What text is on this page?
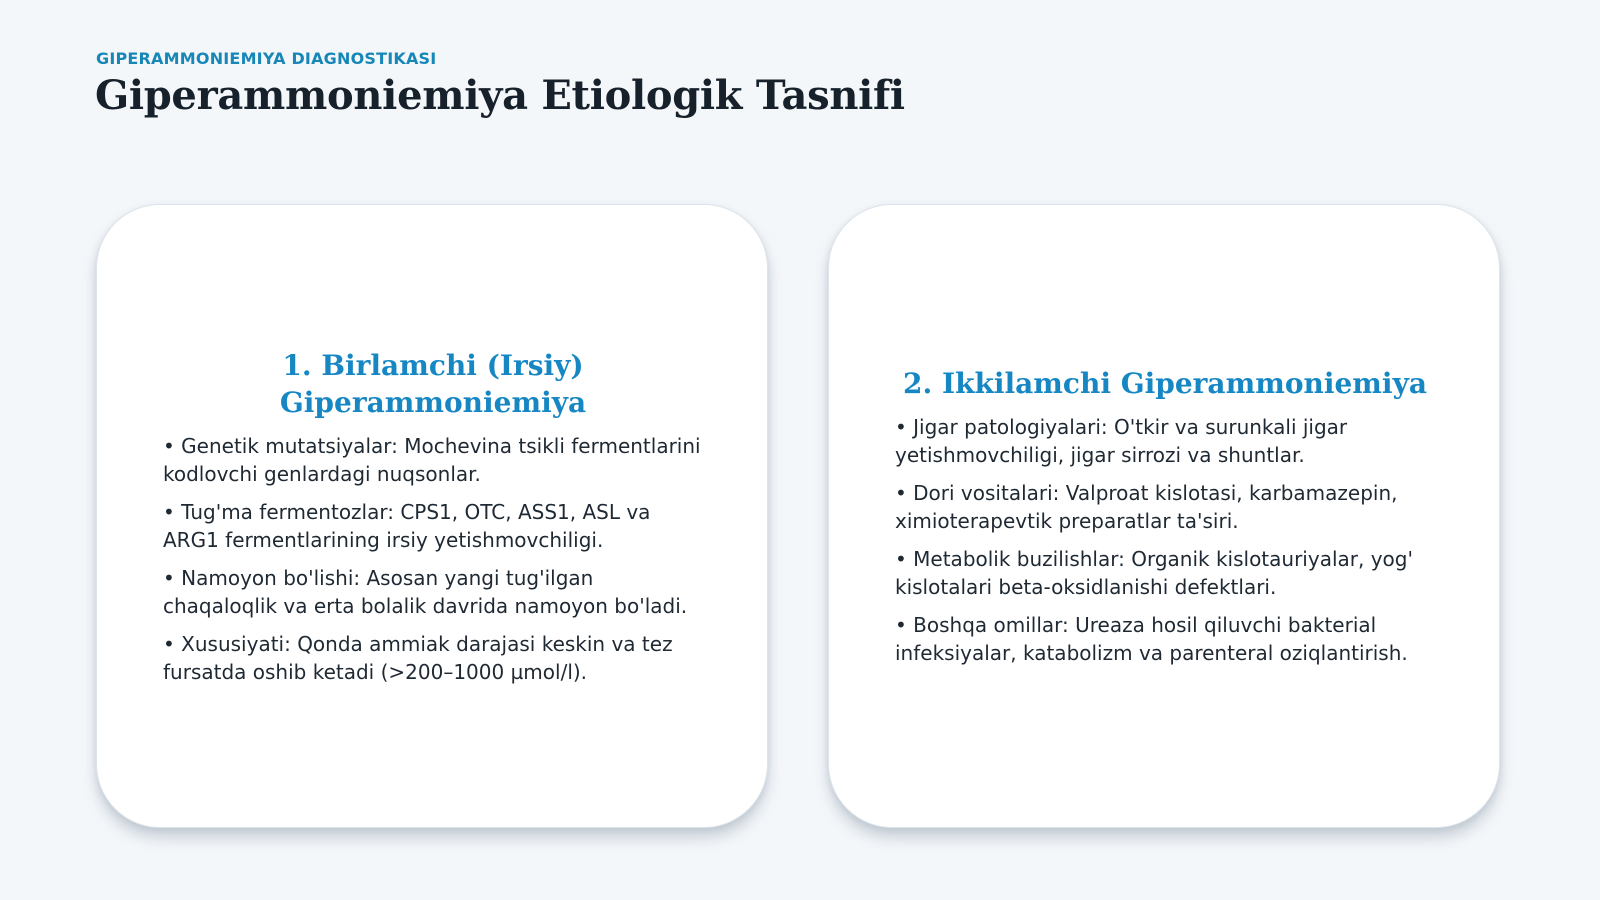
GIPERAMMONIEMIYA DIAGNOSTIKASI
Giperammoniemiya Etiologik Tasnifi
1. Birlamchi (Irsiy) Giperammoniemiya
• Genetik mutatsiyalar: Mochevina tsikli fermentlarini kodlovchi genlardagi nuqsonlar.
• Tug'ma fermentozlar: CPS1, OTC, ASS1, ASL va ARG1 fermentlarining irsiy yetishmovchiligi.
• Namoyon bo'lishi: Asosan yangi tug'ilgan chaqaloqlik va erta bolalik davrida namoyon bo'ladi.
• Xususiyati: Qonda ammiak darajasi keskin va tez fursatda oshib ketadi (>200–1000 µmol/l).
2. Ikkilamchi Giperammoniemiya
• Jigar patologiyalari: O'tkir va surunkali jigar yetishmovchiligi, jigar sirrozi va shuntlar.
• Dori vositalari: Valproat kislotasi, karbamazepin, ximioterapevtik preparatlar ta'siri.
• Metabolik buzilishlar: Organik kislotauriyalar, yog' kislotalari beta-oksidlanishi defektlari.
• Boshqa omillar: Ureaza hosil qiluvchi bakterial infeksiyalar, katabolizm va parenteral oziqlantirish.
